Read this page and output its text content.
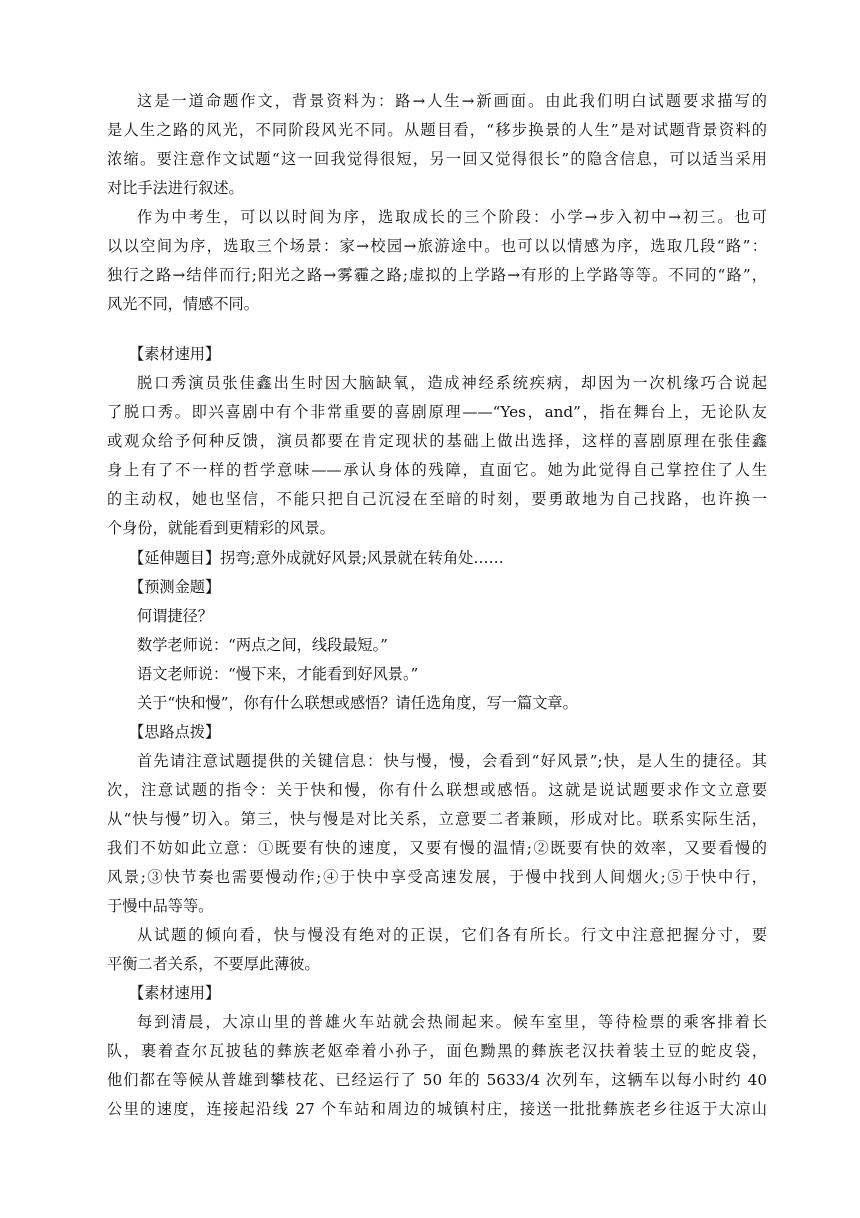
这是一道命题作文，背景资料为：路→人生→新画面。由此我们明白试题要求描写的
是人生之路的风光，不同阶段风光不同。从题目看，“移步换景的人生”是对试题背景资料的
浓缩。要注意作文试题“这一回我觉得很短，另一回又觉得很长”的隐含信息，可以适当采用
对比手法进行叙述。
作为中考生，可以以时间为序，选取成长的三个阶段：小学→步入初中→初三。也可
以以空间为序，选取三个场景：家→校园→旅游途中。也可以以情感为序，选取几段“路”：
独行之路→结伴而行;阳光之路→雾霾之路;虚拟的上学路→有形的上学路等等。不同的“路”，
风光不同，情感不同。
【素材速用】
脱口秀演员张佳鑫出生时因大脑缺氧，造成神经系统疾病，却因为一次机缘巧合说起
了脱口秀。即兴喜剧中有个非常重要的喜剧原理——“Yes，and”，指在舞台上，无论队友
或观众给予何种反馈，演员都要在肯定现状的基础上做出选择，这样的喜剧原理在张佳鑫
身上有了不一样的哲学意味——承认身体的残障，直面它。她为此觉得自己掌控住了人生
的主动权，她也坚信，不能只把自己沉浸在至暗的时刻，要勇敢地为自己找路，也许换一
个身份，就能看到更精彩的风景。
【延伸题目】拐弯;意外成就好风景;风景就在转角处……
【预测金题】
何谓捷径？
数学老师说：“两点之间，线段最短。”
语文老师说：“慢下来，才能看到好风景。”
关于“快和慢”，你有什么联想或感悟？请任选角度，写一篇文章。
【思路点拨】
首先请注意试题提供的关键信息：快与慢，慢，会看到“好风景”;快，是人生的捷径。其
次，注意试题的指令：关于快和慢，你有什么联想或感悟。这就是说试题要求作文立意要
从“快与慢”切入。第三，快与慢是对比关系，立意要二者兼顾，形成对比。联系实际生活，
我们不妨如此立意：①既要有快的速度，又要有慢的温情;②既要有快的效率，又要看慢的
风景;③快节奏也需要慢动作;④于快中享受高速发展，于慢中找到人间烟火;⑤于快中行，
于慢中品等等。
从试题的倾向看，快与慢没有绝对的正误，它们各有所长。行文中注意把握分寸，要
平衡二者关系，不要厚此薄彼。
【素材速用】
每到清晨，大凉山里的普雄火车站就会热闹起来。候车室里，等待检票的乘客排着长
队，裹着查尔瓦披毡的彝族老妪牵着小孙子，面色黝黑的彝族老汉扶着装土豆的蛇皮袋，
他们都在等候从普雄到攀枝花、已经运行了 50 年的 5633/4 次列车，这辆车以每小时约 40
公里的速度，连接起沿线 27 个车站和周边的城镇村庄，接送一批批彝族老乡往返于大凉山
